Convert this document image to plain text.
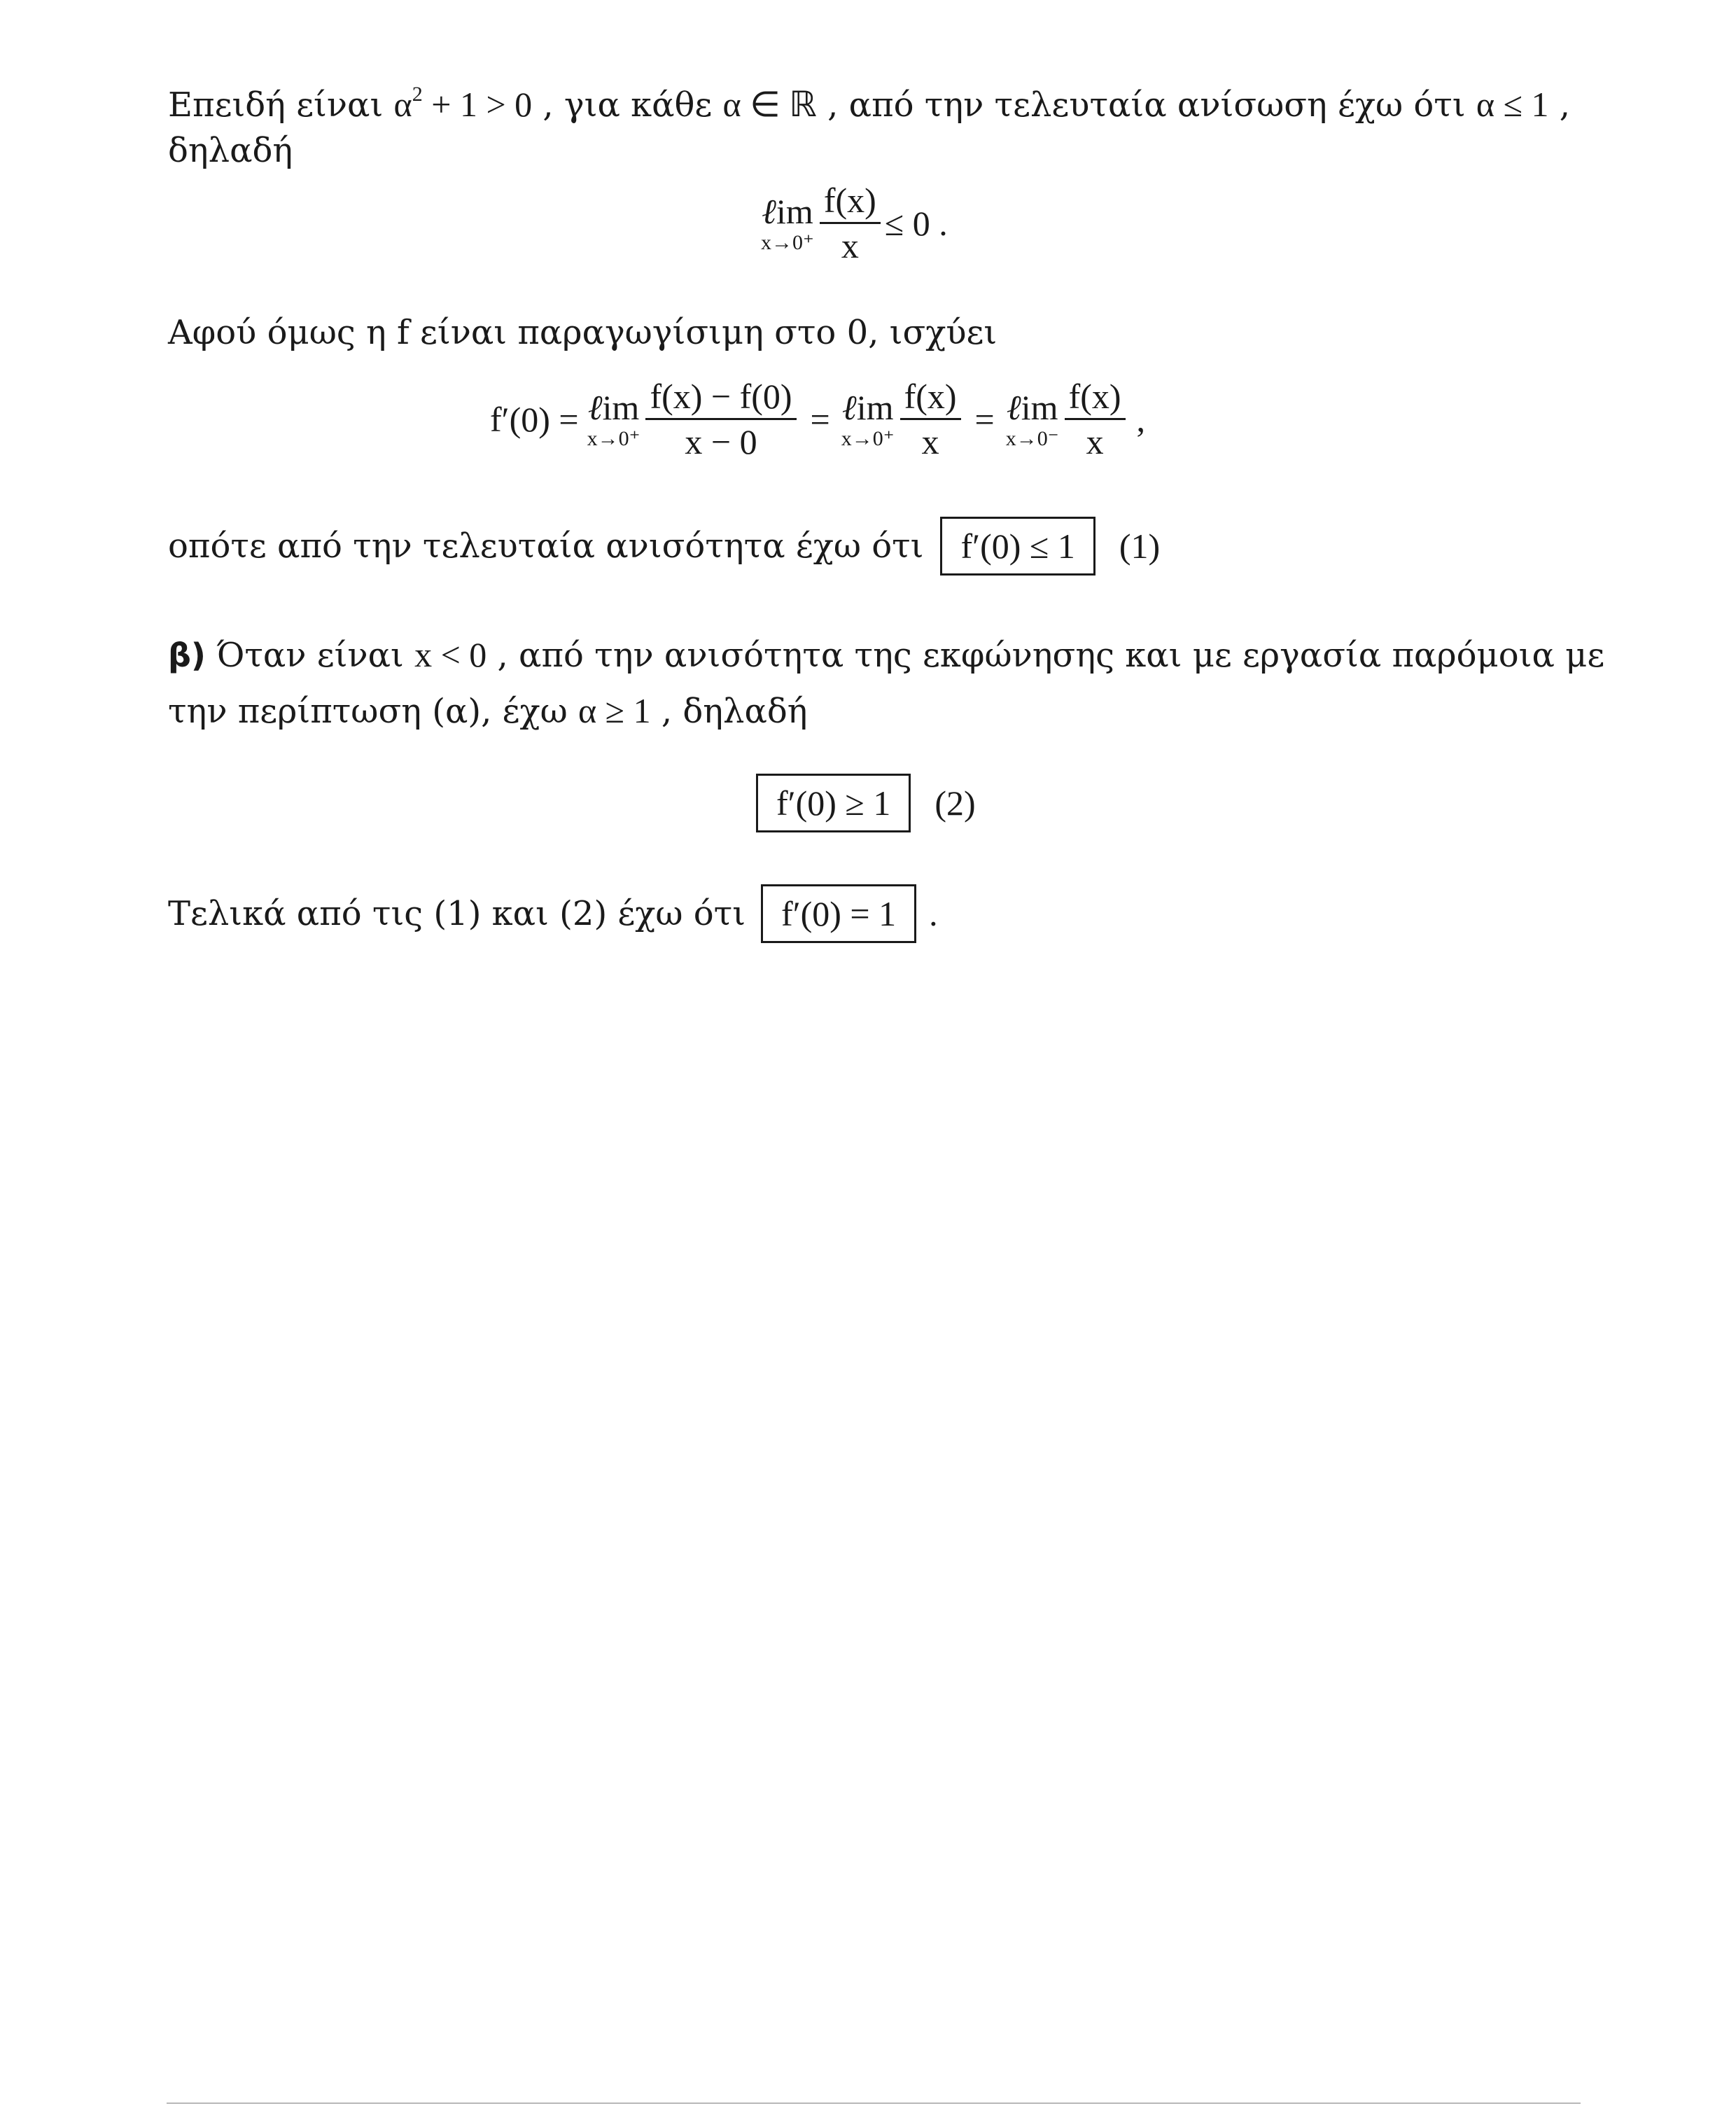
Επειδή είναι $\alpha^2 + 1 > 0$ , για κάθε α ∈ ℝ , από την τελευταία ανίσωση έχω ότι α ≤ 1 ,
δηλαδή
ℓim
$x\to 0^+ \frac{f(x)}{x} \le 0$ .
Αφού όμως η f είναι παραγωγίσιμη στο 0, ισχύει
f′(0) = ℓim
$x\to 0^+ \frac{f(x) - f(0)}{x - 0}$ = ℓim
$x\to 0^+ \frac{f(x)}{x}$ = ℓim
$x\to 0^- \frac{f(x)}{x}$ ,
οπότε από την τελευταία ανισότητα έχω ότι	f′(0) ≤ 1	(1)
β) Όταν είναι x < 0 , από την ανισότητα της εκφώνησης και με εργασία παρόμοια με
την περίπτωση (α), έχω α ≥ 1 , δηλαδή
f′(0) ≥ 1	(2)
Τελικά από τις (1) και (2) έχω ότι	f′(0) = 1 .
